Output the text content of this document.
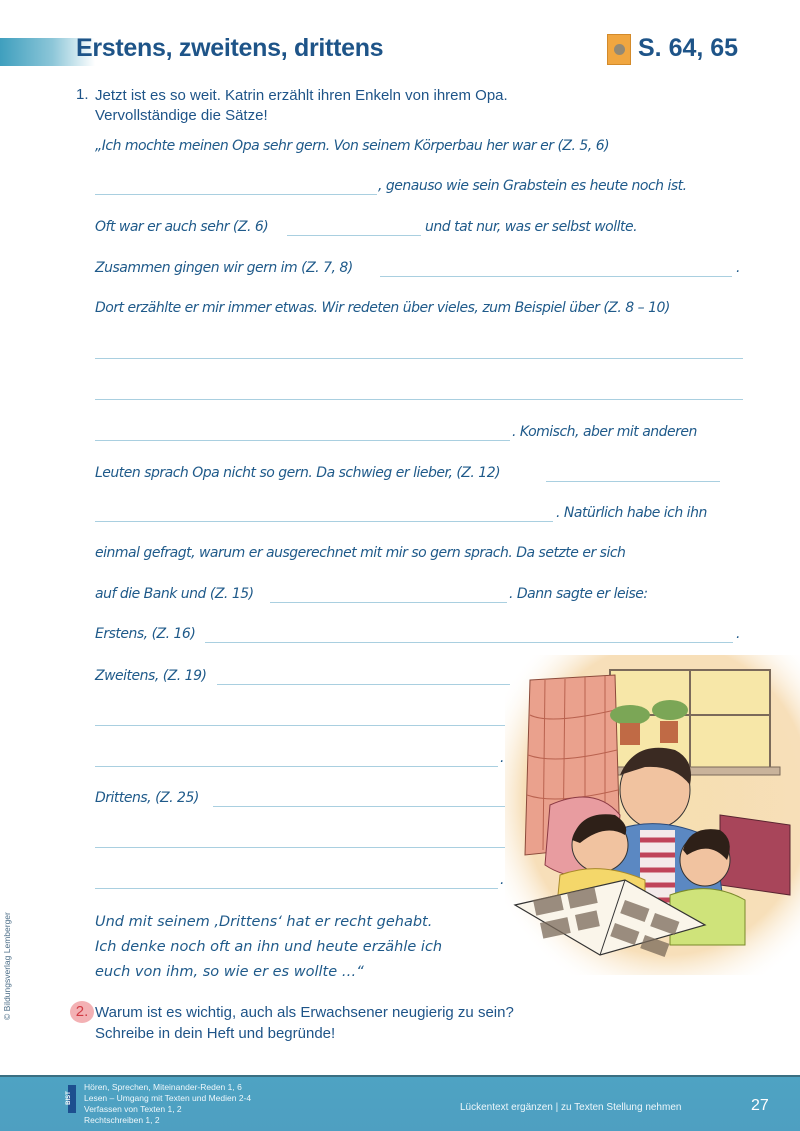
Erstens, zweitens, drittens	S. 64, 65
1. Jetzt ist es so weit. Katrin erzählt ihren Enkeln von ihrem Opa.
Vervollständige die Sätze!
„Ich mochte meinen Opa sehr gern. Von seinem Körperbau her war er (Z. 5, 6)
, genauso wie sein Grabstein es heute noch ist.
Oft war er auch sehr (Z. 6)	und tat nur, was er selbst wollte.
Zusammen gingen wir gern im (Z. 7, 8)	.
Dort erzählte er mir immer etwas. Wir redeten über vieles, zum Beispiel über (Z. 8 – 10)
. Komisch, aber mit anderen
Leuten sprach Opa nicht so gern. Da schwieg er lieber, (Z. 12)
. Natürlich habe ich ihn
einmal gefragt, warum er ausgerechnet mit mir so gern sprach. Da setzte er sich
auf die Bank und (Z. 15)	. Dann sagte er leise:
Erstens, (Z. 16)	.
Zweitens, (Z. 19)
.
Drittens, (Z. 25)
.
Und mit seinem ‚Drittens‘ hat er recht gehabt.
Ich denke noch oft an ihn und heute erzähle ich
euch von ihm, so wie er es wollte …“
2. Warum ist es wichtig, auch als Erwachsener neugierig zu sein?
Schreibe in dein Heft und begründe!
© Bildungsverlag Lemberger
BIST
Hören, Sprechen, Miteinander-Reden 1, 6
Lesen – Umgang mit Texten und Medien 2-4
Verfassen von Texten 1, 2
Rechtschreiben 1, 2
Lückentext ergänzen | zu Texten Stellung nehmen	27
